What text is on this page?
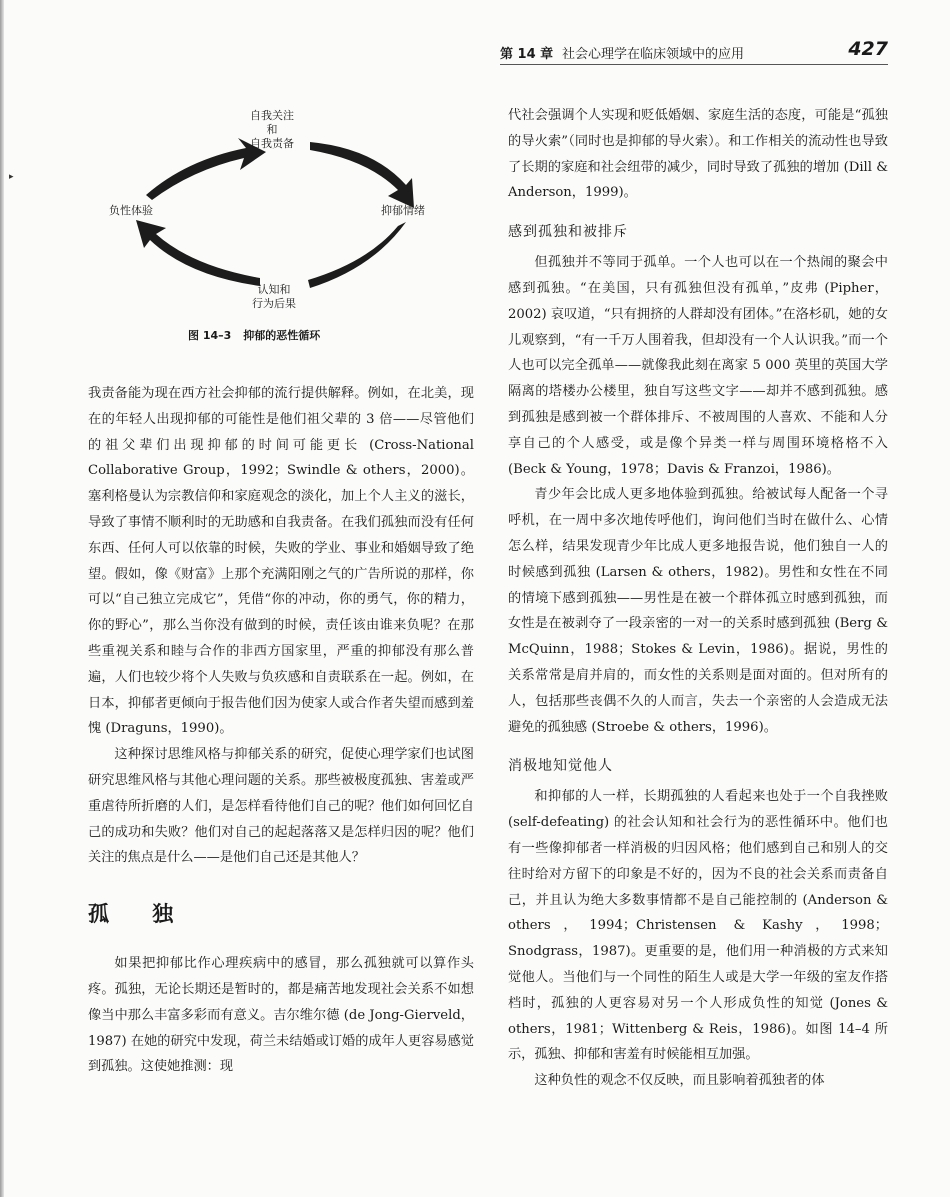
▸
第 14 章 社会心理学在临床领域中的应用	427
自我关注
和
自我责备
负性体验	抑郁情绪
认知和
行为后果
图 14–3 抑郁的恶性循环

我责备能为现在西方社会抑郁的流行提供解释。例如，在北美，现在的年轻人出现抑郁的可能性是他们祖父辈的 3 倍——尽管他们的祖父辈们出现抑郁的时间可能更长 (Cross-National Collaborative Group，1992；Swindle & others，2000)。塞利格曼认为宗教信仰和家庭观念的淡化，加上个人主义的滋长，导致了事情不顺利时的无助感和自我责备。在我们孤独而没有任何东西、任何人可以依靠的时候，失败的学业、事业和婚姻导致了绝望。假如，像《财富》上那个充满阳刚之气的广告所说的那样，你可以“自己独立完成它”，凭借“你的冲动，你的勇气，你的精力，你的野心”，那么当你没有做到的时候，责任该由谁来负呢？在那些重视关系和睦与合作的非西方国家里，严重的抑郁没有那么普遍，人们也较少将个人失败与负疚感和自责联系在一起。例如，在日本，抑郁者更倾向于报告他们因为使家人或合作者失望而感到羞愧 (Draguns，1990)。

这种探讨思维风格与抑郁关系的研究，促使心理学家们也试图研究思维风格与其他心理问题的关系。那些被极度孤独、害羞或严重虐待所折磨的人们，是怎样看待他们自己的呢？他们如何回忆自己的成功和失败？他们对自己的起起落落又是怎样归因的呢？他们关注的焦点是什么——是他们自己还是其他人？

孤 独

如果把抑郁比作心理疾病中的感冒，那么孤独就可以算作头疼。孤独，无论长期还是暂时的，都是痛苦地发现社会关系不如想像当中那么丰富多彩而有意义。吉尔维尔德 (de Jong-Gierveld，1987) 在她的研究中发现，荷兰未结婚或订婚的成年人更容易感觉到孤独。这使她推测：现

代社会强调个人实现和贬低婚姻、家庭生活的态度，可能是“孤独的导火索”（同时也是抑郁的导火索）。和工作相关的流动性也导致了长期的家庭和社会纽带的减少，同时导致了孤独的增加 (Dill & Anderson，1999)。

感到孤独和被排斥

但孤独并不等同于孤单。一个人也可以在一个热闹的聚会中感到孤独。“在美国，只有孤独但没有孤单，”皮弗 (Pipher，2002) 哀叹道，“只有拥挤的人群却没有团体。”在洛杉矶，她的女儿观察到，“有一千万人围着我，但却没有一个人认识我。”而一个人也可以完全孤单——就像我此刻在离家 5 000 英里的英国大学隔离的塔楼办公楼里，独自写这些文字——却并不感到孤独。感到孤独是感到被一个群体排斥、不被周围的人喜欢、不能和人分享自己的个人感受，或是像个异类一样与周围环境格格不入 (Beck & Young，1978；Davis & Franzoi，1986)。

青少年会比成人更多地体验到孤独。给被试每人配备一个寻呼机，在一周中多次地传呼他们，询问他们当时在做什么、心情怎么样，结果发现青少年比成人更多地报告说，他们独自一人的时候感到孤独 (Larsen & others，1982)。男性和女性在不同的情境下感到孤独——男性是在被一个群体孤立时感到孤独，而女性是在被剥夺了一段亲密的一对一的关系时感到孤独 (Berg & McQuinn，1988；Stokes & Levin，1986)。据说，男性的关系常常是肩并肩的，而女性的关系则是面对面的。但对所有的人，包括那些丧偶不久的人而言，失去一个亲密的人会造成无法避免的孤独感 (Stroebe & others，1996)。

消极地知觉他人

和抑郁的人一样，长期孤独的人看起来也处于一个自我挫败 (self-defeating) 的社会认知和社会行为的恶性循环中。他们也有一些像抑郁者一样消极的归因风格；他们感到自己和别人的交往时给对方留下的印象是不好的，因为不良的社会关系而责备自己，并且认为绝大多数事情都不是自己能控制的 (Anderson & others，1994；Christensen & Kashy，1998；Snodgrass，1987)。更重要的是，他们用一种消极的方式来知觉他人。当他们与一个同性的陌生人或是大学一年级的室友作搭档时，孤独的人更容易对另一个人形成负性的知觉 (Jones & others，1981；Wittenberg & Reis，1986)。如图 14–4 所示，孤独、抑郁和害羞有时候能相互加强。

这种负性的观念不仅反映，而且影响着孤独者的体
